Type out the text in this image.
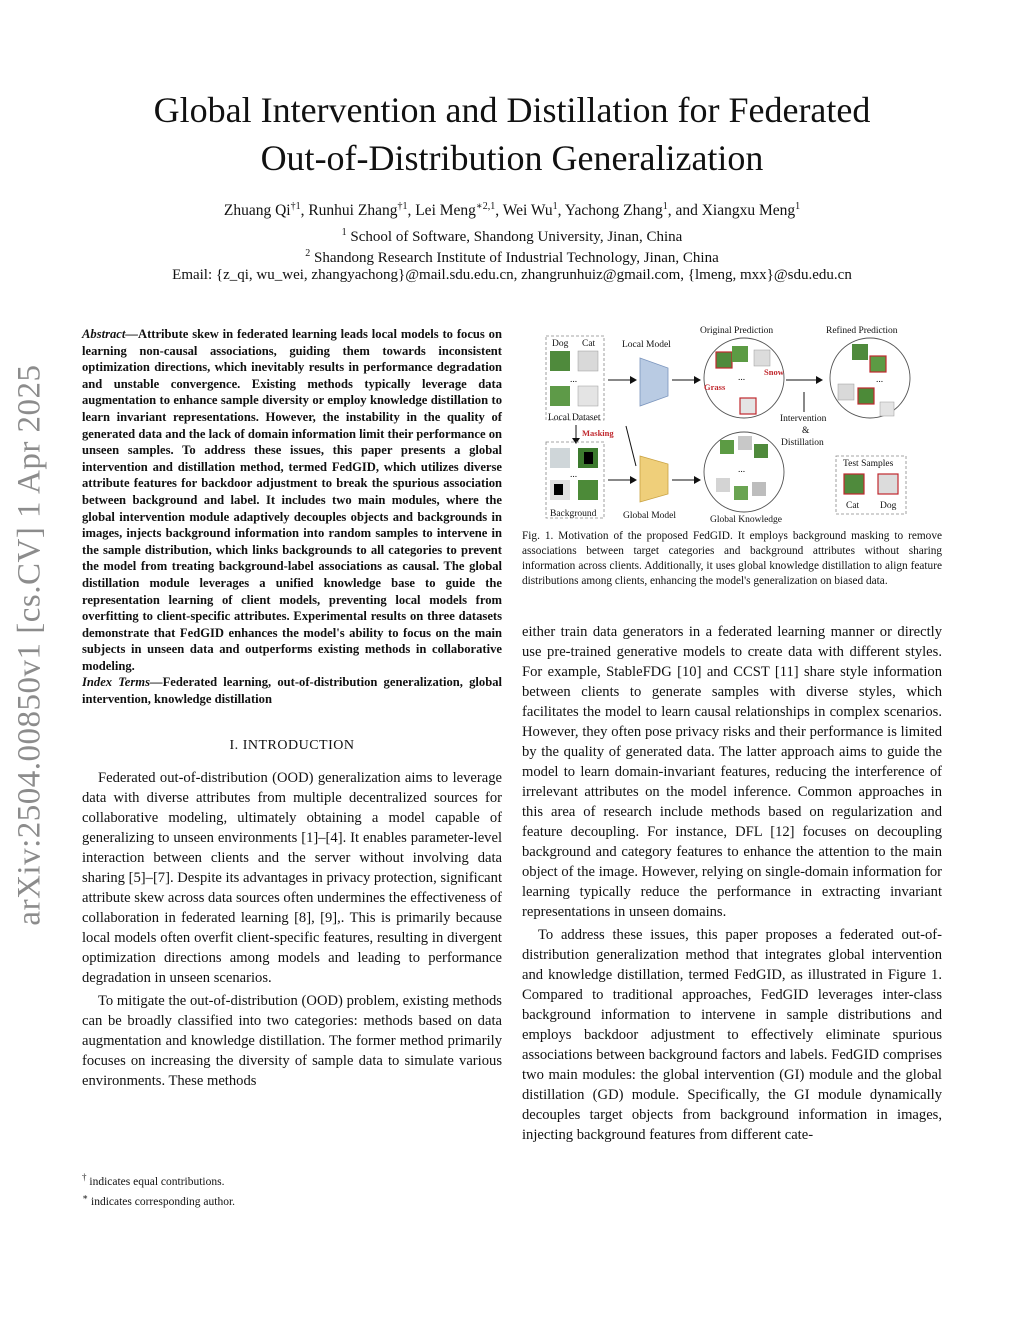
arXiv:2504.00850v1 [cs.CV] 1 Apr 2025
Global Intervention and Distillation for Federated
Out-of-Distribution Generalization
Zhuang Qi$^{\dagger 1}$, Runhui Zhang$^{\dagger 1}$, Lei Meng$^{∗2,1}$, Wei Wu$^1$, Yachong Zhang$^1$, and Xiangxu Meng$^1$
$^1$ School of Software, Shandong University, Jinan, China
$^2$ Shandong Research Institute of Industrial Technology, Jinan, China
Email: {z_qi, wu_wei, zhangyachong}@mail.sdu.edu.cn, zhangrunhuiz@gmail.com, {lmeng, mxx}@sdu.edu.cn

Abstract—Attribute skew in federated learning leads local models to focus on learning non-causal associations, guiding them towards inconsistent optimization directions, which inevitably results in performance degradation and unstable convergence. Existing methods typically leverage data augmentation to enhance sample diversity or employ knowledge distillation to learn invariant representations. However, the instability in the quality of generated data and the lack of domain information limit their performance on unseen samples. To address these issues, this paper presents a global intervention and distillation method, termed FedGID, which utilizes diverse attribute features for backdoor adjustment to break the spurious association between background and label. It includes two main modules, where the global intervention module adaptively decouples objects and backgrounds in images, injects background information into random samples to intervene in the sample distribution, which links backgrounds to all categories to prevent the model from treating background-label associations as causal. The global distillation module leverages a unified knowledge base to guide the representation learning of client models, preventing local models from overfitting to client-specific attributes. Experimental results on three datasets demonstrate that FedGID enhances the model's ability to focus on the main subjects in unseen data and outperforms existing methods in collaborative modeling.

Index Terms—Federated learning, out-of-distribution generalization, global intervention, knowledge distillation

I. INTRODUCTION

Federated out-of-distribution (OOD) generalization aims to leverage data with diverse attributes from multiple decentralized sources for collaborative modeling, ultimately obtaining a model capable of generalizing to unseen environments [1]–[4]. It enables parameter-level interaction between clients and the server without involving data sharing [5]–[7]. Despite its advantages in privacy protection, significant attribute skew across data sources often undermines the effectiveness of collaboration in federated learning [8], [9],. This is primarily because local models often overfit client-specific features, resulting in divergent optimization directions among models and leading to performance degradation in unseen scenarios.

To mitigate the out-of-distribution (OOD) problem, existing methods can be broadly classified into two categories: methods based on data augmentation and knowledge distillation. The former method primarily focuses on increasing the diversity of sample data to simulate various environments. These methods

† indicates equal contributions.
∗ indicates corresponding author.
Dog Cat
...
Local Dataset
Masking
...
Background
Local Model
Global Model
Original Prediction
...
Snow
Grass
Intervention
&
Distillation
Refined Prediction
...
...
Global Knowledge
Test Samples
Cat Dog

Fig. 1. Motivation of the proposed FedGID. It employs background masking to remove associations between target categories and background attributes without sharing information across clients. Additionally, it uses global knowledge distillation to align feature distributions among clients, enhancing the model's generalization on biased data.

either train data generators in a federated learning manner or directly use pre-trained generative models to create data with different styles. For example, StableFDG [10] and CCST [11] share style information between clients to generate samples with diverse styles, which facilitates the model to learn causal relationships in complex scenarios. However, they often pose privacy risks and their performance is limited by the quality of generated data. The latter approach aims to guide the model to learn domain-invariant features, reducing the interference of irrelevant attributes on the model inference. Common approaches in this area of research include methods based on regularization and feature decoupling. For instance, DFL [12] focuses on decoupling background and category features to enhance the attention to the main object of the image. However, relying on single-domain information for learning typically reduce the performance in extracting invariant representations in unseen domains.

To address these issues, this paper proposes a federated out-of-distribution generalization method that integrates global intervention and knowledge distillation, termed FedGID, as illustrated in Figure 1. Compared to traditional approaches, FedGID leverages inter-class background information to intervene in sample distributions and employs backdoor adjustment to effectively eliminate spurious associations between background factors and labels. FedGID comprises two main modules: the global intervention (GI) module and the global distillation (GD) module. Specifically, the GI module dynamically decouples target objects from background information in images, injecting background features from different cate-
